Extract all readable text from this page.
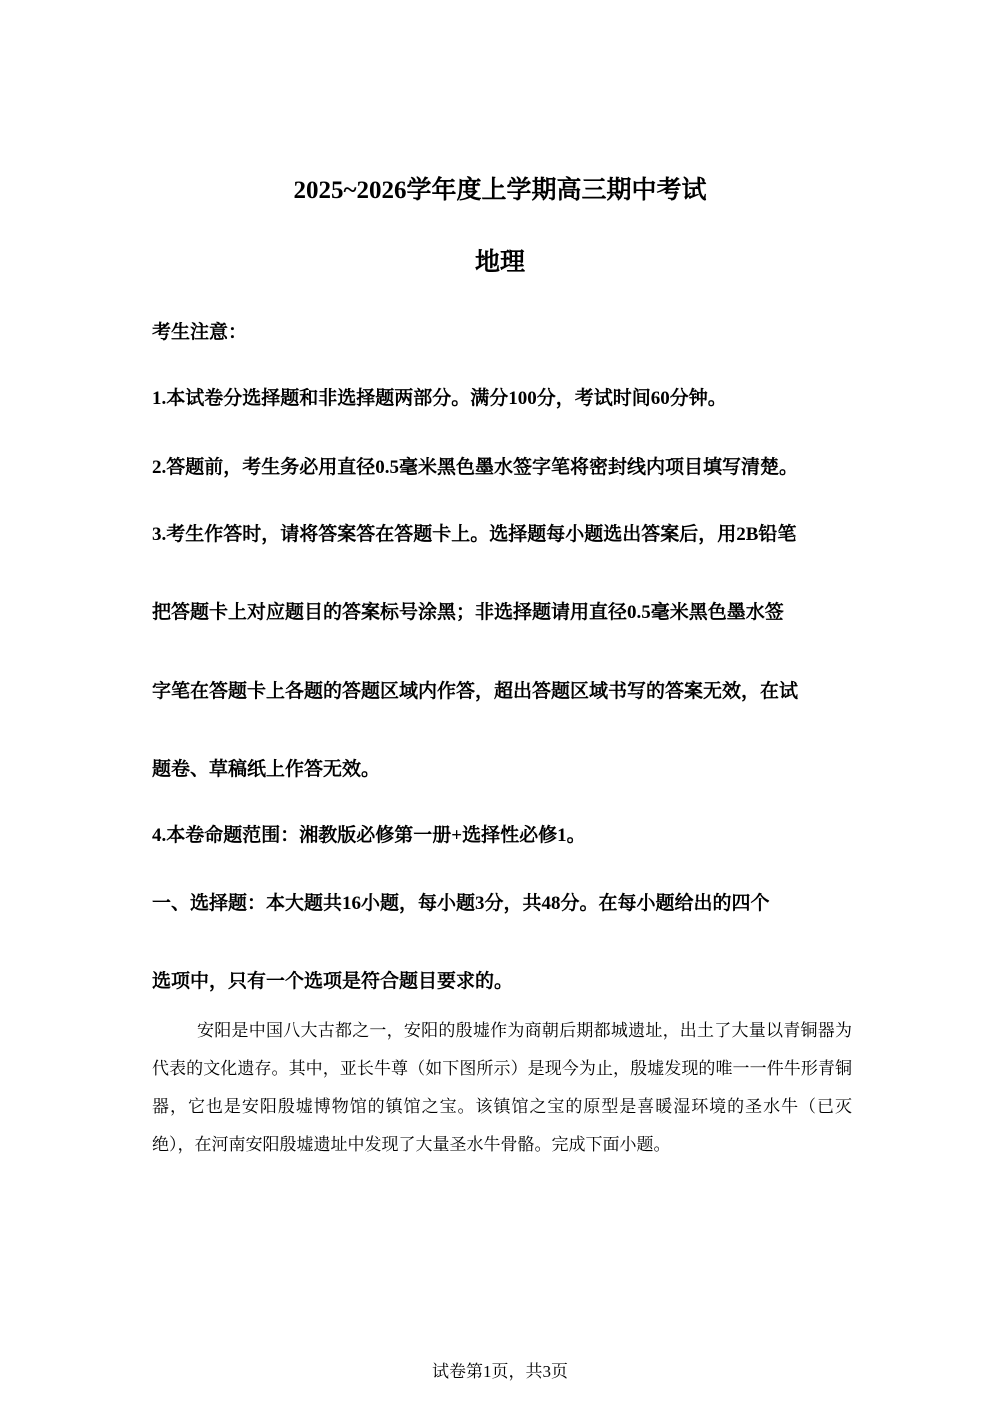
2025~2026学年度上学期高三期中考试
地理
考生注意：
1.本试卷分选择题和非选择题两部分。满分100分，考试时间60分钟。
2.答题前，考生务必用直径0.5毫米黑色墨水签字笔将密封线内项目填写清楚。
3.考生作答时，请将答案答在答题卡上。选择题每小题选出答案后，用2B铅笔
把答题卡上对应题目的答案标号涂黑；非选择题请用直径0.5毫米黑色墨水签
字笔在答题卡上各题的答题区域内作答，超出答题区域书写的答案无效，在试
题卷、草稿纸上作答无效。
4.本卷命题范围：湘教版必修第一册+选择性必修1。
一、选择题：本大题共16小题，每小题3分，共48分。在每小题给出的四个
选项中，只有一个选项是符合题目要求的。
安阳是中国八大古都之一，安阳的殷墟作为商朝后期都城遗址，出土了大量以青铜器为代表的文化遗存。其中，亚长牛尊（如下图所示）是现今为止，殷墟发现的唯一一件牛形青铜器，它也是安阳殷墟博物馆的镇馆之宝。该镇馆之宝的原型是喜暖湿环境的圣水牛（已灭绝），在河南安阳殷墟遗址中发现了大量圣水牛骨骼。完成下面小题。
试卷第1页，共3页
